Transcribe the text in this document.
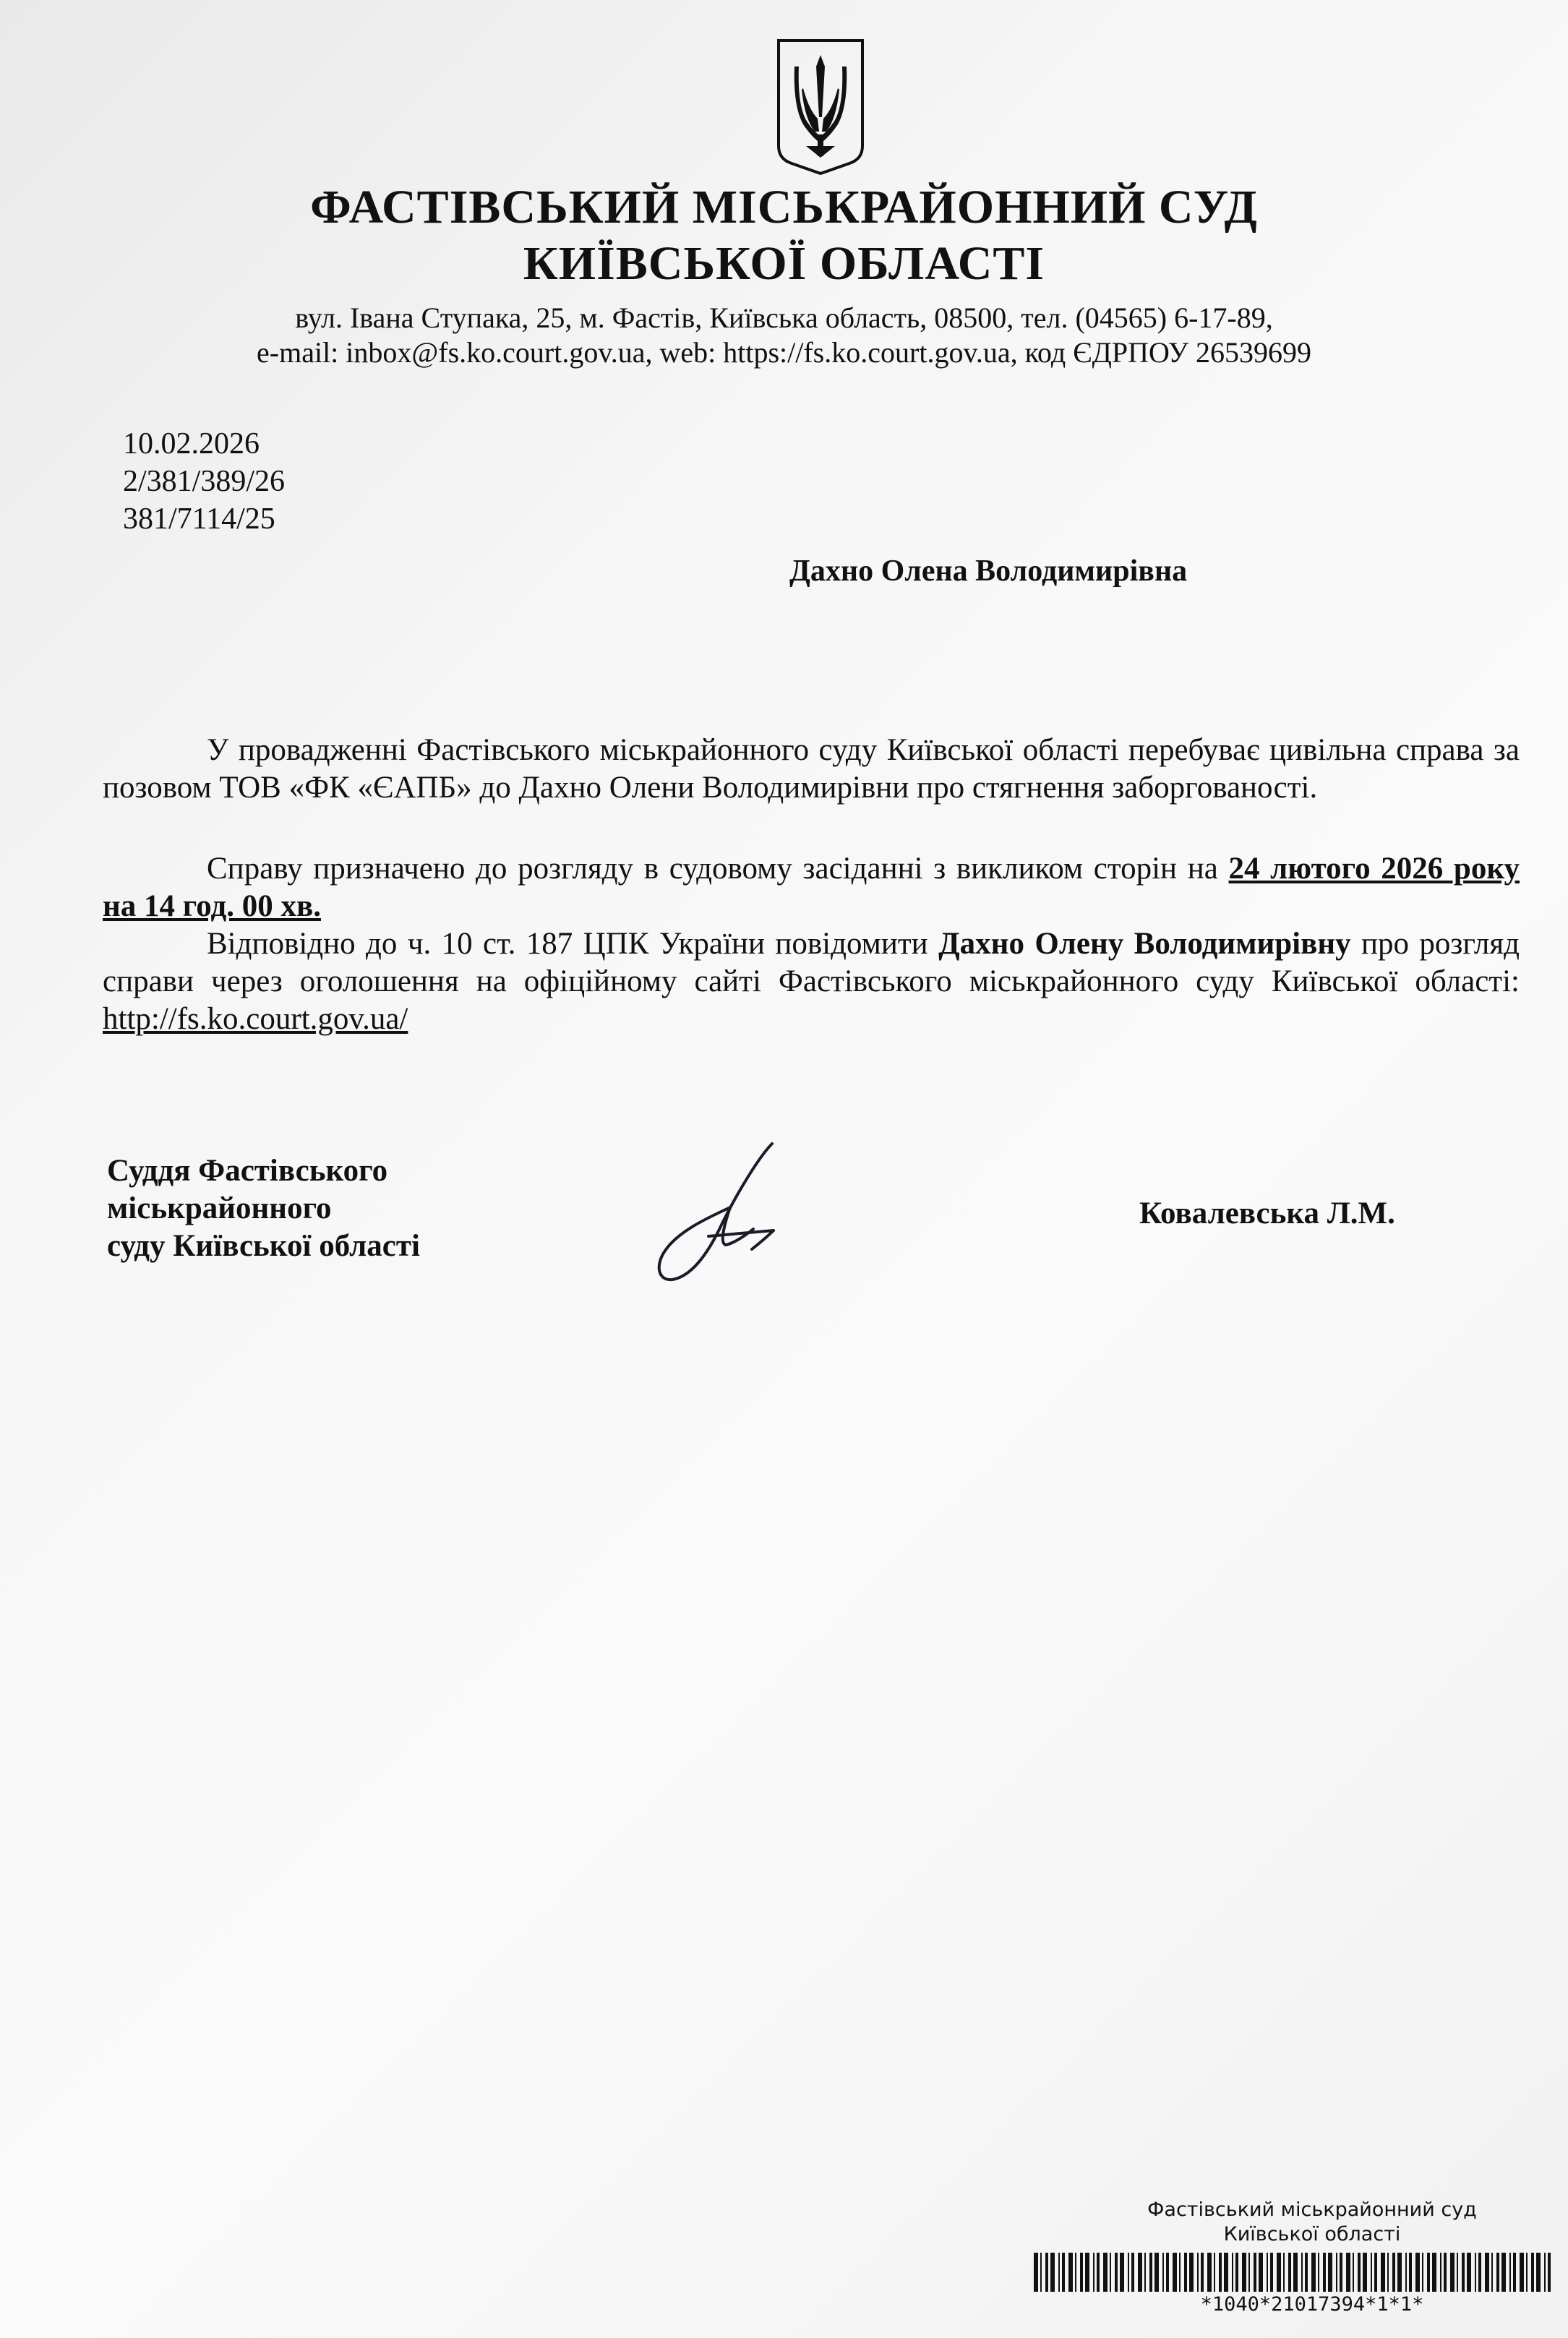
ФАСТІВСЬКИЙ МІСЬКРАЙОННИЙ СУД
КИЇВСЬКОЇ ОБЛАСТІ
вул. Івана Ступака, 25, м. Фастів, Київська область, 08500, тел. (04565) 6-17-89,
e-mail: inbox@fs.ko.court.gov.ua, web: https://fs.ko.court.gov.ua, код ЄДРПОУ 26539699
10.02.2026
2/381/389/26
381/7114/25
Дахно Олена Володимирівна
У провадженні Фастівського міськрайонного суду Київської області перебуває цивільна справа за позовом ТОВ «ФК «ЄАПБ» до Дахно Олени Володимирівни про стягнення заборгованості.
Справу призначено до розгляду в судовому засіданні з викликом сторін на 24 лютого 2026 року на 14 год. 00 хв.
Відповідно до ч. 10 ст. 187 ЦПК України повідомити Дахно Олену Володимирівну про розгляд справи через оголошення на офіційному сайті Фастівського міськрайонного суду Київської області: http://fs.ko.court.gov.ua/
Суддя Фастівського
міськрайонного
суду Київської області
Ковалевська Л.М.
Фастівський міськрайонний суд
Київської області
*1040*21017394*1*1*
